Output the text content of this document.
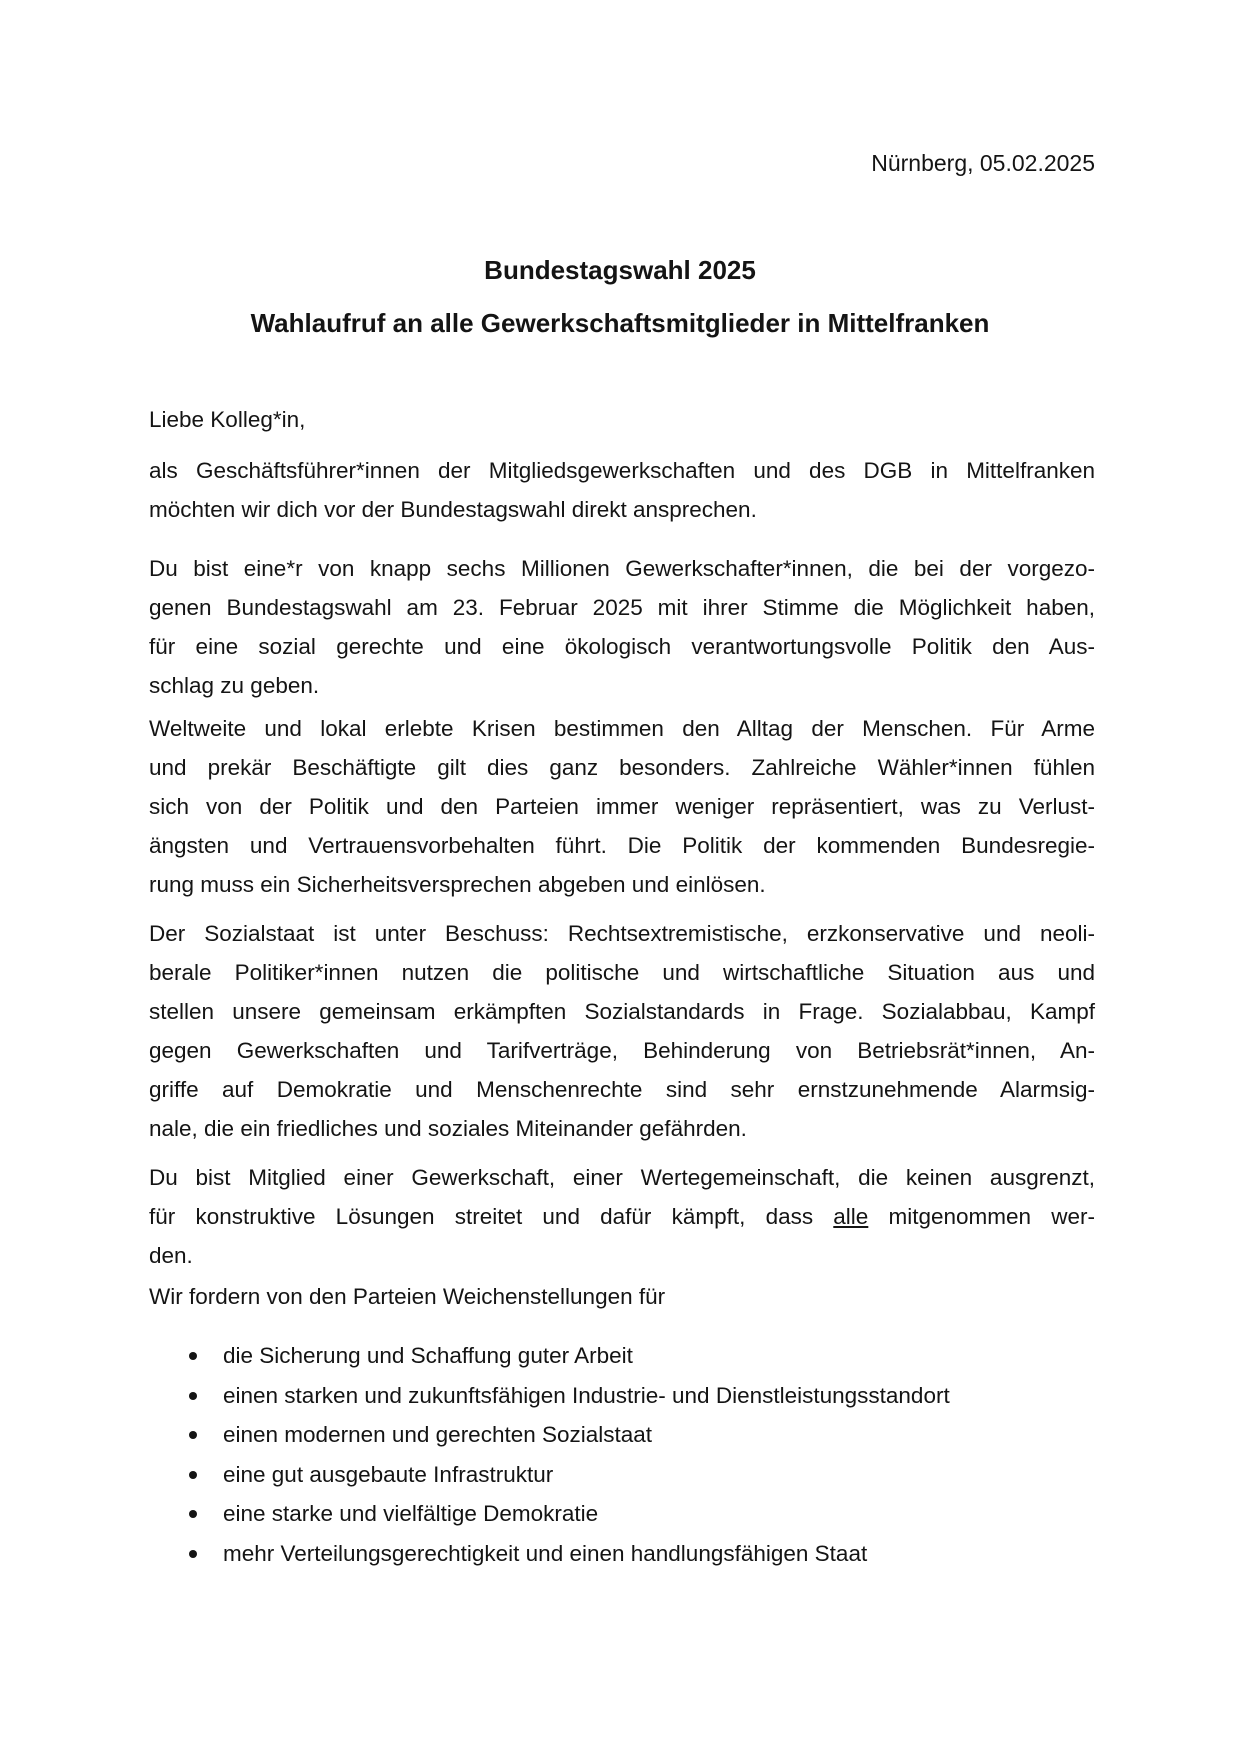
Nürnberg, 05.02.2025
Bundestagswahl 2025
Wahlaufruf an alle Gewerkschaftsmitglieder in Mittelfranken
Liebe Kolleg*in,
als Geschäftsführer*innen der Mitgliedsgewerkschaften und des DGB in Mittelfranken
möchten wir dich vor der Bundestagswahl direkt ansprechen.
Du bist eine*r von knapp sechs Millionen Gewerkschafter*innen, die bei der vorgezo-
genen Bundestagswahl am 23. Februar 2025 mit ihrer Stimme die Möglichkeit haben,
für eine sozial gerechte und eine ökologisch verantwortungsvolle Politik den Aus-
schlag zu geben.
Weltweite und lokal erlebte Krisen bestimmen den Alltag der Menschen. Für Arme
und prekär Beschäftigte gilt dies ganz besonders. Zahlreiche Wähler*innen fühlen
sich von der Politik und den Parteien immer weniger repräsentiert, was zu Verlust-
ängsten und Vertrauensvorbehalten führt. Die Politik der kommenden Bundesregie-
rung muss ein Sicherheitsversprechen abgeben und einlösen.
Der Sozialstaat ist unter Beschuss: Rechtsextremistische, erzkonservative und neoli-
berale Politiker*innen nutzen die politische und wirtschaftliche Situation aus und
stellen unsere gemeinsam erkämpften Sozialstandards in Frage. Sozialabbau, Kampf
gegen Gewerkschaften und Tarifverträge, Behinderung von Betriebsrät*innen, An-
griffe auf Demokratie und Menschenrechte sind sehr ernstzunehmende Alarmsig-
nale, die ein friedliches und soziales Miteinander gefährden.
Du bist Mitglied einer Gewerkschaft, einer Wertegemeinschaft, die keinen ausgrenzt,
für konstruktive Lösungen streitet und dafür kämpft, dass alle mitgenommen wer-
den.
Wir fordern von den Parteien Weichenstellungen für
die Sicherung und Schaffung guter Arbeit
einen starken und zukunftsfähigen Industrie- und Dienstleistungsstandort
einen modernen und gerechten Sozialstaat
eine gut ausgebaute Infrastruktur
eine starke und vielfältige Demokratie
mehr Verteilungsgerechtigkeit und einen handlungsfähigen Staat
